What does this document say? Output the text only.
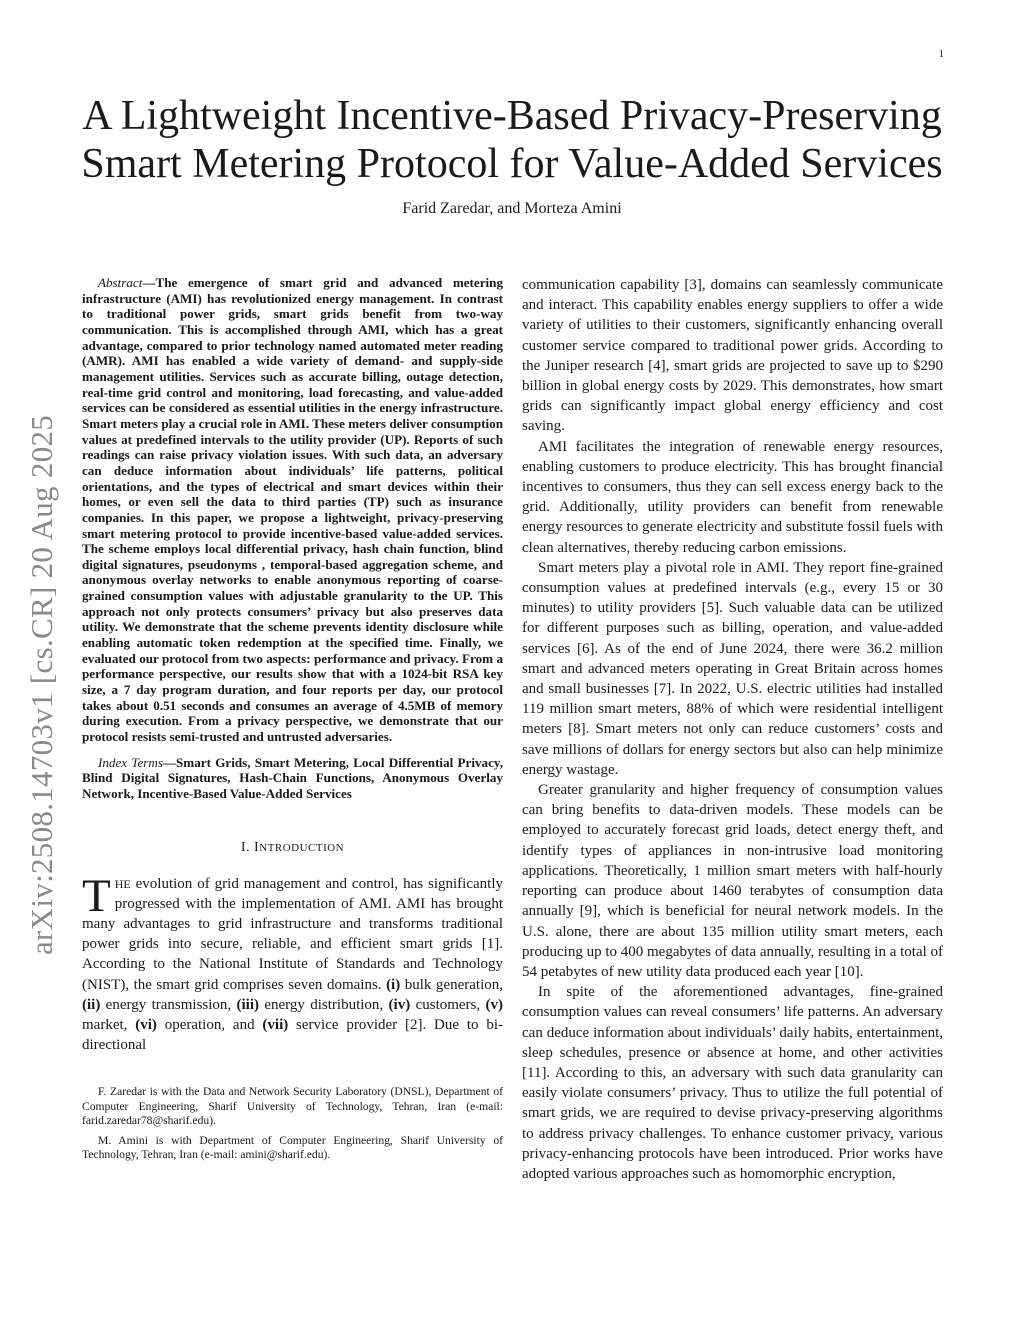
1
arXiv:2508.14703v1 [cs.CR] 20 Aug 2025
A Lightweight Incentive-Based Privacy-Preserving
Smart Metering Protocol for Value-Added Services
Farid Zaredar, and Morteza Amini

Abstract—The emergence of smart grid and advanced metering infrastructure (AMI) has revolutionized energy management. In contrast to traditional power grids, smart grids benefit from two-way communication. This is accomplished through AMI, which has a great advantage, compared to prior technology named automated meter reading (AMR). AMI has enabled a wide variety of demand- and supply-side management utilities. Services such as accurate billing, outage detection, real-time grid control and monitoring, load forecasting, and value-added services can be considered as essential utilities in the energy infrastructure. Smart meters play a crucial role in AMI. These meters deliver consumption values at predefined intervals to the utility provider (UP). Reports of such readings can raise privacy violation issues. With such data, an adversary can deduce information about individuals’ life patterns, political orientations, and the types of electrical and smart devices within their homes, or even sell the data to third parties (TP) such as insurance companies. In this paper, we propose a lightweight, privacy-preserving smart metering protocol to provide incentive-based value-added services. The scheme employs local differential privacy, hash chain function, blind digital signatures, pseudonyms , temporal-based aggregation scheme, and anonymous overlay networks to enable anonymous reporting of coarse-grained consumption values with adjustable granularity to the UP. This approach not only protects consumers’ privacy but also preserves data utility. We demonstrate that the scheme prevents identity disclosure while enabling automatic token redemption at the specified time. Finally, we evaluated our protocol from two aspects: performance and privacy. From a performance perspective, our results show that with a 1024-bit RSA key size, a 7 day program duration, and four reports per day, our protocol takes about 0.51 seconds and consumes an average of 4.5MB of memory during execution. From a privacy perspective, we demonstrate that our protocol resists semi-trusted and untrusted adversaries.

Index Terms—Smart Grids, Smart Metering, Local Differential Privacy, Blind Digital Signatures, Hash-Chain Functions, Anonymous Overlay Network, Incentive-Based Value-Added Services

I. INTRODUCTION

THE evolution of grid management and control, has significantly progressed with the implementation of AMI. AMI has brought many advantages to grid infrastructure and transforms traditional power grids into secure, reliable, and efficient smart grids [1]. According to the National Institute of Standards and Technology (NIST), the smart grid comprises seven domains. (i) bulk generation, (ii) energy transmission, (iii) energy distribution, (iv) customers, (v) market, (vi) operation, and (vii) service provider [2]. Due to bi-directional

F. Zaredar is with the Data and Network Security Laboratory (DNSL), Department of Computer Engineering, Sharif University of Technology, Tehran, Iran (e-mail: farid.zaredar78@sharif.edu).

M. Amini is with Department of Computer Engineering, Sharif University of Technology, Tehran, Iran (e-mail: amini@sharif.edu).

communication capability [3], domains can seamlessly communicate and interact. This capability enables energy suppliers to offer a wide variety of utilities to their customers, significantly enhancing overall customer service compared to traditional power grids. According to the Juniper research [4], smart grids are projected to save up to $290 billion in global energy costs by 2029. This demonstrates, how smart grids can significantly impact global energy efficiency and cost saving.

AMI facilitates the integration of renewable energy resources, enabling customers to produce electricity. This has brought financial incentives to consumers, thus they can sell excess energy back to the grid. Additionally, utility providers can benefit from renewable energy resources to generate electricity and substitute fossil fuels with clean alternatives, thereby reducing carbon emissions.

Smart meters play a pivotal role in AMI. They report fine-grained consumption values at predefined intervals (e.g., every 15 or 30 minutes) to utility providers [5]. Such valuable data can be utilized for different purposes such as billing, operation, and value-added services [6]. As of the end of June 2024, there were 36.2 million smart and advanced meters operating in Great Britain across homes and small businesses [7]. In 2022, U.S. electric utilities had installed 119 million smart meters, 88% of which were residential intelligent meters [8]. Smart meters not only can reduce customers’ costs and save millions of dollars for energy sectors but also can help minimize energy wastage.

Greater granularity and higher frequency of consumption values can bring benefits to data-driven models. These models can be employed to accurately forecast grid loads, detect energy theft, and identify types of appliances in non-intrusive load monitoring applications. Theoretically, 1 million smart meters with half-hourly reporting can produce about 1460 terabytes of consumption data annually [9], which is beneficial for neural network models. In the U.S. alone, there are about 135 million utility smart meters, each producing up to 400 megabytes of data annually, resulting in a total of 54 petabytes of new utility data produced each year [10].

In spite of the aforementioned advantages, fine-grained consumption values can reveal consumers’ life patterns. An adversary can deduce information about individuals’ daily habits, entertainment, sleep schedules, presence or absence at home, and other activities [11]. According to this, an adversary with such data granularity can easily violate consumers’ privacy. Thus to utilize the full potential of smart grids, we are required to devise privacy-preserving algorithms to address privacy challenges. To enhance customer privacy, various privacy-enhancing protocols have been introduced. Prior works have adopted various approaches such as homomorphic encryption,
